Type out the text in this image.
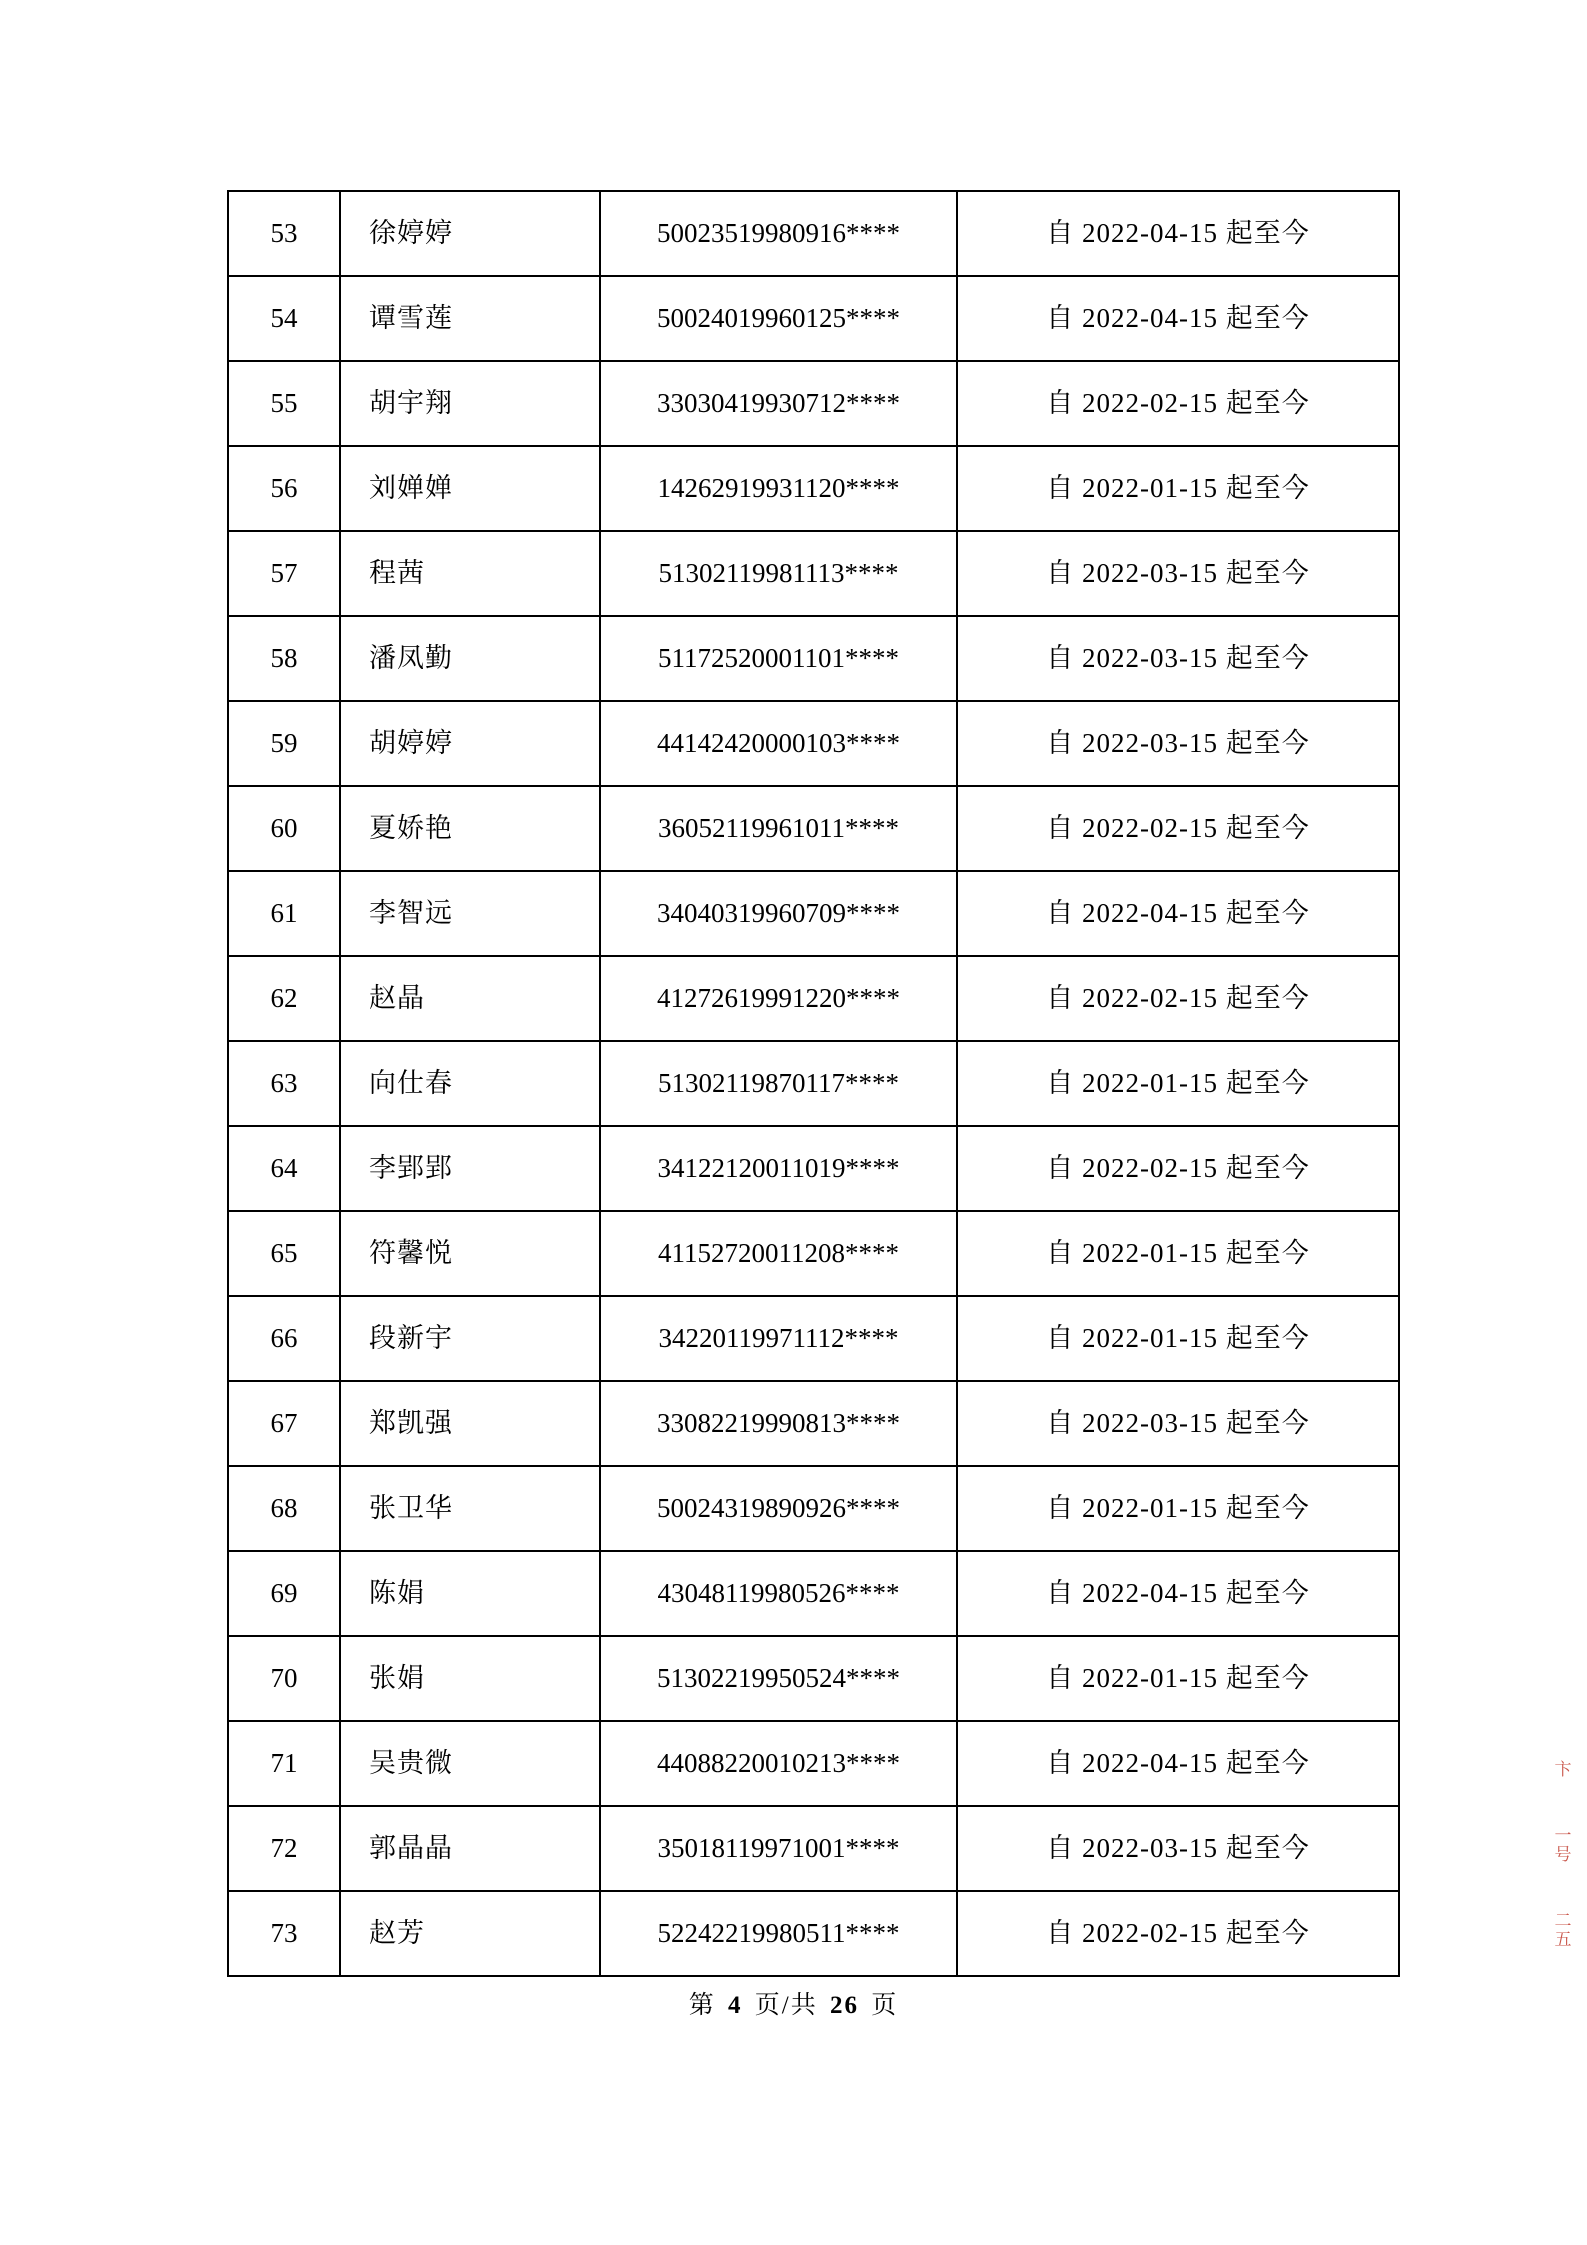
53	徐婷婷	50023519980916****	自 2022-04-15 起至今
54	谭雪莲	50024019960125****	自 2022-04-15 起至今
55	胡宇翔	33030419930712****	自 2022-02-15 起至今
56	刘婵婵	14262919931120****	自 2022-01-15 起至今
57	程茜	51302119981113****	自 2022-03-15 起至今
58	潘凤勤	51172520001101****	自 2022-03-15 起至今
59	胡婷婷	44142420000103****	自 2022-03-15 起至今
60	夏娇艳	36052119961011****	自 2022-02-15 起至今
61	李智远	34040319960709****	自 2022-04-15 起至今
62	赵晶	41272619991220****	自 2022-02-15 起至今
63	向仕春	51302119870117****	自 2022-01-15 起至今
64	李郢郢	34122120011019****	自 2022-02-15 起至今
65	符馨悦	41152720011208****	自 2022-01-15 起至今
66	段新宇	34220119971112****	自 2022-01-15 起至今
67	郑凯强	33082219990813****	自 2022-03-15 起至今
68	张卫华	50024319890926****	自 2022-01-15 起至今
69	陈娟	43048119980526****	自 2022-04-15 起至今
70	张娟	51302219950524****	自 2022-01-15 起至今
71	吴贵微	44088220010213****	自 2022-04-15 起至今
72	郭晶晶	35018119971001****	自 2022-03-15 起至今
73	赵芳	52242219980511****	自 2022-02-15 起至今
第 4 页/共 26 页
卞
一
号
二
五
